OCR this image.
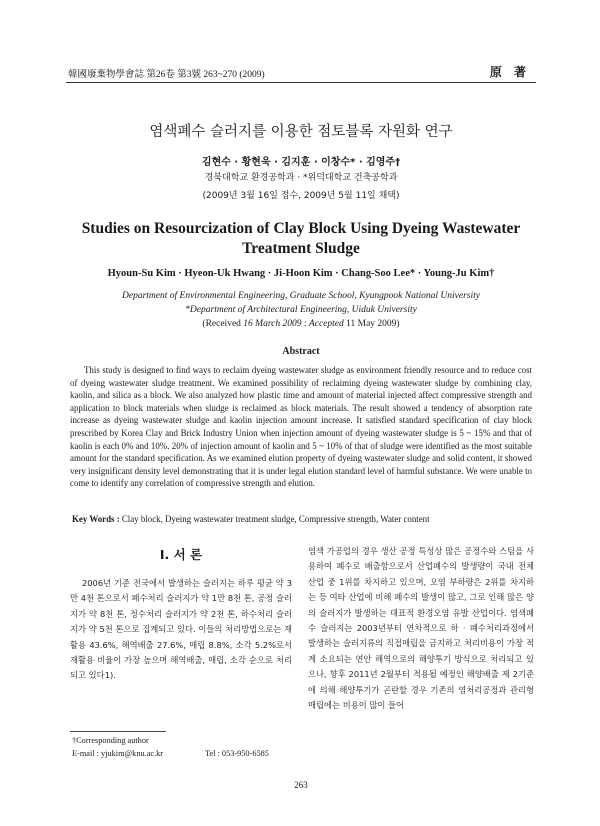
韓國廢棄物學會誌 第26卷 第3號 263~270 (2009)	原 著
염색폐수 슬러지를 이용한 점토블록 자원화 연구
김현수 · 황현욱 · 김지훈 · 이창수* · 김영주†
경북대학교 환경공학과 · *위덕대학교 건축공학과
(2009년 3월 16일 접수, 2009년 5월 11일 채택)
Studies on Resourcization of Clay Block Using Dyeing Wastewater
Treatment Sludge
Hyoun-Su Kim · Hyeon-Uk Hwang · Ji-Hoon Kim · Chang-Soo Lee* · Young-Ju Kim†
Department of Environmental Engineering, Graduate School, Kyungpook National University
*Department of Architectural Engineering, Uiduk University
(Received 16 March 2009 : Accepted 11 May 2009)
Abstract
This study is designed to find ways to reclaim dyeing wastewater sludge as environment friendly resource and to reduce cost of dyeing wastewater sludge treatment. We examined possibility of reclaiming dyeing wastewater sludge by combining clay, kaolin, and silica as a block. We also analyzed how plastic time and amount of material injected affect compressive strength and application to block materials when sludge is reclaimed as block materials. The result showed a tendency of absorption rate increase as dyeing wastewater sludge and kaolin injection amount increase. It satisfied standard specification of clay block prescribed by Korea Clay and Brick Industry Union when injection amount of dyeing wastewater sludge is 5 ~ 15% and that of kaolin is each 0% and 10%. 20% of injection amount of kaolin and 5 ~ 10% of that of sludge were identified as the most suitable amount for the standard specification. As we examined elution property of dyeing wastewater sludge and solid content, it showed very insignificant density level demonstrating that it is under legal elution standard level of harmful substance. We were unable to come to identify any correlation of compressive strength and elution.
Key Words : Clay block, Dyeing wastewater treatment sludge, Compressive strength, Water content
I. 서 론
2006년 기준 전국에서 발생하는 슬러지는 하루 평균 약 3만 4천 톤으로서 폐수처리 슬러지가 약 1만 8천 톤, 공정 슬러지가 약 8천 톤, 정수처리 슬러지가 약 2천 톤, 하수처리 슬러지가 약 5천 톤으로 집계되고 있다. 이들의 처리방법으로는 재활용 43.6%, 해역배출 27.6%, 매립 8.8%, 소각 5.2%로서 재활용 비율이 가장 높으며 해역배출, 매립, 소각 순으로 처리되고 있다1).
염색 가공업의 경우 생산 공정 특성상 많은 공정수와 스팀을 사용하여 폐수로 배출함으로서 산업폐수의 발생량이 국내 전체 산업 중 1위를 차지하고 있으며, 오염 부하량은 2위를 차지하는 등 여타 산업에 비해 폐수의 발생이 많고, 그로 인해 많은 양의 슬러지가 발생하는 대표적 환경오염 유발 산업이다. 염색폐수 슬러지는 2003년부터 연차적으로 하 · 폐수처리과정에서 발생하는 슬러지류의 직접매립을 금지하고 처리비용이 가장 적게 소요되는 연안 해역으로의 해양투기 방식으로 처리되고 있으나, 향후 2011년 2월부터 적용될 예정인 해양배출 제 2기준에 의해 해양투기가 곤란할 경우 기존의 염처리공정과 관리형 매립에는 비용이 많이 들어
†Corresponding author
E-mail : yjukim@knu.ac.kr	Tel : 053-950-6585
263
